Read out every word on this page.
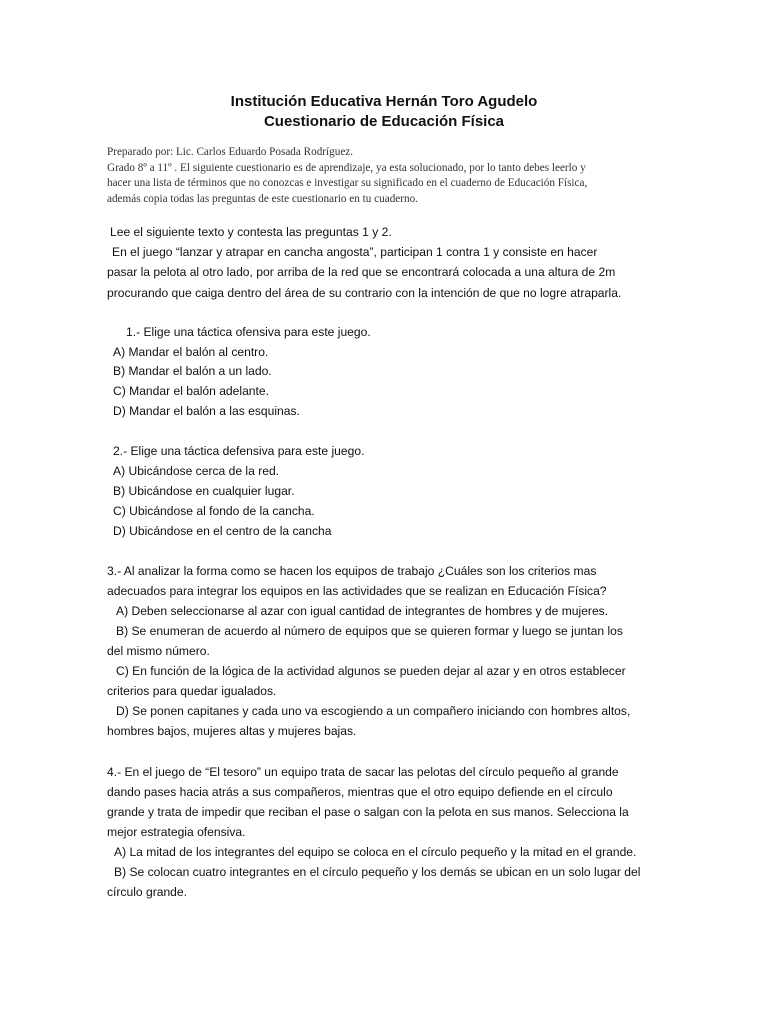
Institución Educativa Hernán Toro Agudelo
Cuestionario de Educación Física
Preparado por: Lic. Carlos Eduardo Posada Rodríguez.
Grado 8º a 11º . El siguiente cuestionario es de aprendizaje, ya esta solucionado, por lo tanto debes leerlo y
hacer una lista de términos que no conozcas e investigar su significado en el cuaderno de Educación Física,
además copia todas las preguntas de este cuestionario en tu cuaderno.
Lee el siguiente texto y contesta las preguntas 1 y 2.
En el juego “lanzar y atrapar en cancha angosta”, participan 1 contra 1 y consiste en hacer
pasar la pelota al otro lado, por arriba de la red que se encontrará colocada a una altura de 2m
procurando que caiga dentro del área de su contrario con la intención de que no logre atraparla.
1.- Elige una táctica ofensiva para este juego.
A) Mandar el balón al centro.
B) Mandar el balón a un lado.
C) Mandar el balón adelante.
D) Mandar el balón a las esquinas.
2.- Elige una táctica defensiva para este juego.
A) Ubicándose cerca de la red.
B) Ubicándose en cualquier lugar.
C) Ubicándose al fondo de la cancha.
D) Ubicándose en el centro de la cancha
3.- Al analizar la forma como se hacen los equipos de trabajo ¿Cuáles son los criterios mas
adecuados para integrar los equipos en las actividades que se realizan en Educación Física?
A) Deben seleccionarse al azar con igual cantidad de integrantes de hombres y de mujeres.
B) Se enumeran de acuerdo al número de equipos que se quieren formar y luego se juntan los
del mismo número.
C) En función de la lógica de la actividad algunos se pueden dejar al azar y en otros establecer
criterios para quedar igualados.
D) Se ponen capitanes y cada uno va escogiendo a un compañero iniciando con hombres altos,
hombres bajos, mujeres altas y mujeres bajas.
4.- En el juego de “El tesoro” un equipo trata de sacar las pelotas del círculo pequeño al grande
dando pases hacia atrás a sus compañeros, mientras que el otro equipo defiende en el círculo
grande y trata de impedir que reciban el pase o salgan con la pelota en sus manos. Selecciona la
mejor estrategia ofensiva.
A) La mitad de los integrantes del equipo se coloca en el círculo pequeño y la mitad en el grande.
B) Se colocan cuatro integrantes en el círculo pequeño y los demás se ubican en un solo lugar del
círculo grande.
